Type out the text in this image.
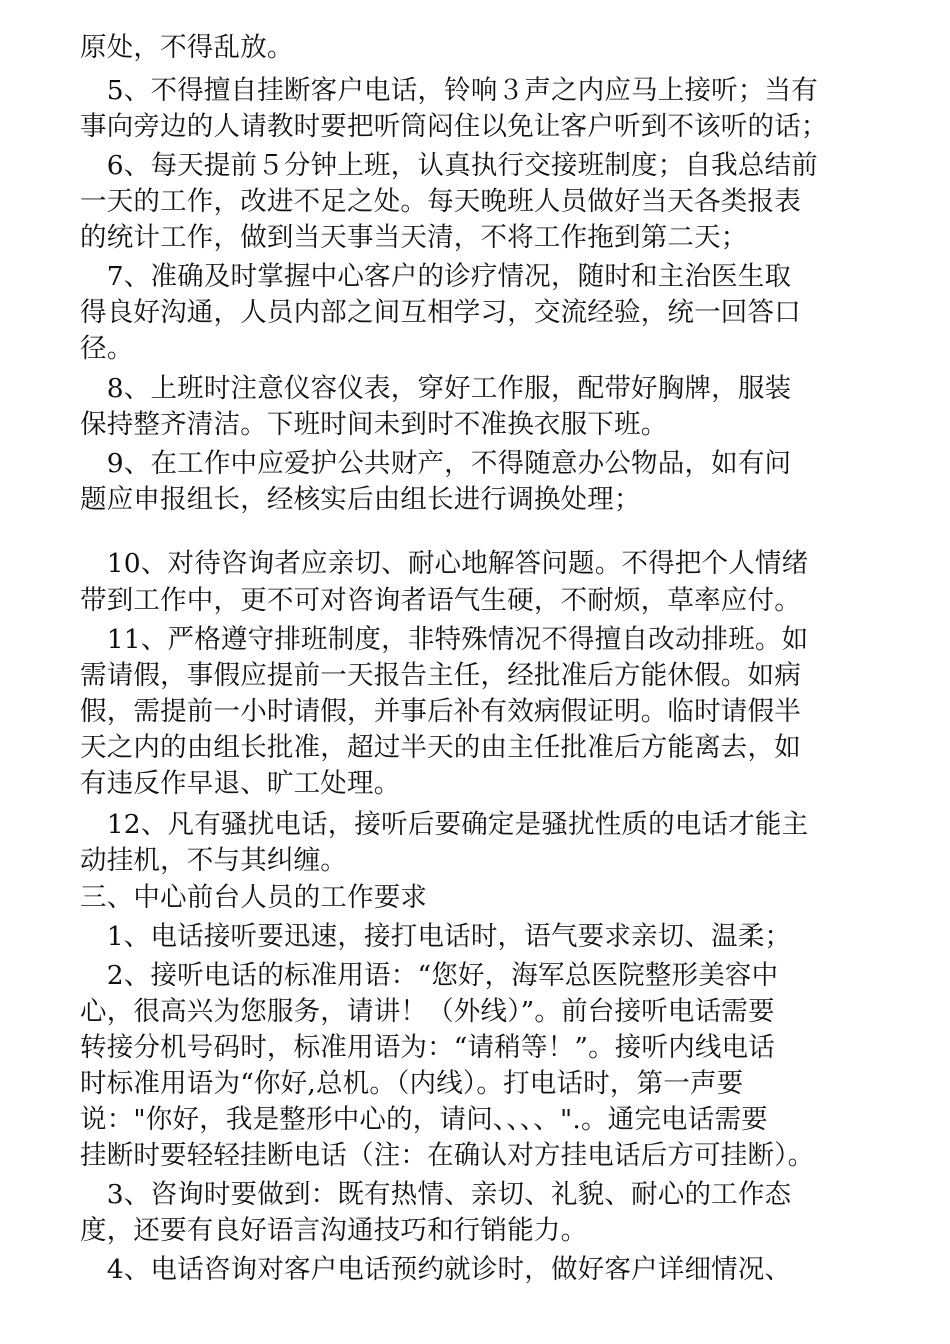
原处，不得乱放。
　5、不得擅自挂断客户电话，铃响３声之内应马上接听；当有
事向旁边的人请教时要把听筒闷住以免让客户听到不该听的话；
　6、每天提前５分钟上班，认真执行交接班制度；自我总结前
一天的工作，改进不足之处。每天晚班人员做好当天各类报表
的统计工作，做到当天事当天清，不将工作拖到第二天；
　7、准确及时掌握中心客户的诊疗情况，随时和主治医生取
得良好沟通，人员内部之间互相学习，交流经验，统一回答口
径。
　8、上班时注意仪容仪表，穿好工作服，配带好胸牌，服装
保持整齐清洁。下班时间未到时不准换衣服下班。
　9、在工作中应爱护公共财产，不得随意办公物品，如有问
题应申报组长，经核实后由组长进行调换处理；
　10、对待咨询者应亲切、耐心地解答问题。不得把个人情绪
带到工作中，更不可对咨询者语气生硬，不耐烦，草率应付。
　11、严格遵守排班制度，非特殊情况不得擅自改动排班。如
需请假，事假应提前一天报告主任，经批准后方能休假。如病
假，需提前一小时请假，并事后补有效病假证明。临时请假半
天之内的由组长批准，超过半天的由主任批准后方能离去，如
有违反作早退、旷工处理。
　12、凡有骚扰电话，接听后要确定是骚扰性质的电话才能主
动挂机，不与其纠缠。
三、中心前台人员的工作要求
　1、电话接听要迅速，接打电话时，语气要求亲切、温柔；
　2、接听电话的标准用语：“您好，海军总医院整形美容中
心，很高兴为您服务，请讲！（外线）”。前台接听电话需要
转接分机号码时，标准用语为：“请稍等！”。接听内线电话
时标准用语为“你好,总机。（内线）。打电话时，第一声要
说："你好，我是整形中心的，请问、、、、".。通完电话需要
挂断时要轻轻挂断电话（注：在确认对方挂电话后方可挂断）。
　3、咨询时要做到：既有热情、亲切、礼貌、耐心的工作态
度，还要有良好语言沟通技巧和行销能力。
　4、电话咨询对客户电话预约就诊时，做好客户详细情况、
